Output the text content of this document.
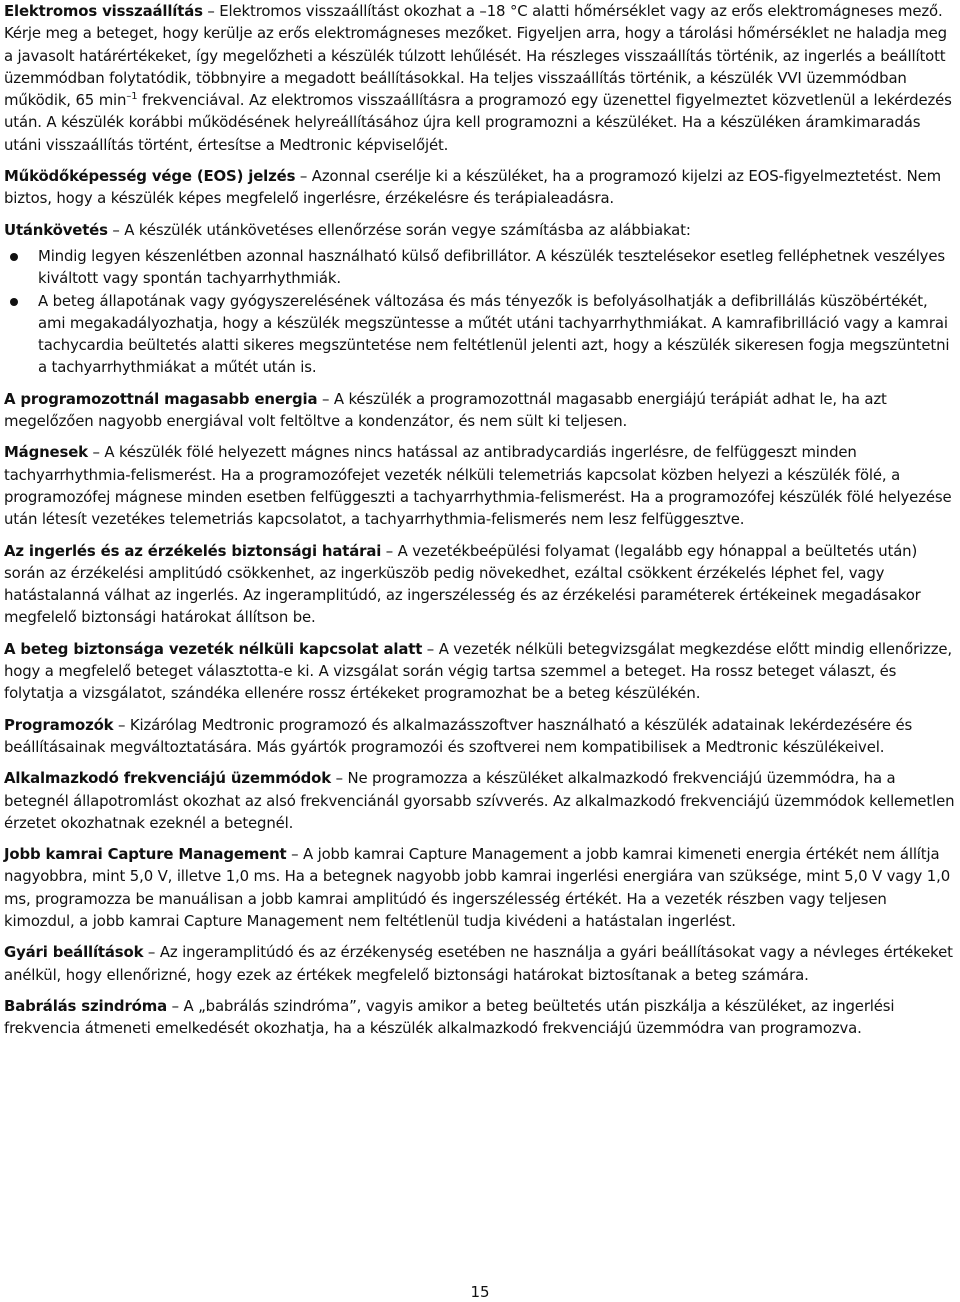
Elektromos visszaállítás – Elektromos visszaállítást okozhat a –18 °C alatti hőmérséklet vagy az erős elektromágneses mező. Kérje meg a beteget, hogy kerülje az erős elektromágneses mezőket. Figyeljen arra, hogy a tárolási hőmérséklet ne haladja meg a javasolt határértékeket, így megelőzheti a készülék túlzott lehűlését. Ha részleges visszaállítás történik, az ingerlés a beállított üzemmódban folytatódik, többnyire a megadott beállításokkal. Ha teljes visszaállítás történik, a készülék VVI üzemmódban működik, 65 $\min^{-1}$ frekvenciával. Az elektromos visszaállításra a programozó egy üzenettel figyelmeztet közvetlenül a lekérdezés után. A készülék korábbi működésének helyreállításához újra kell programozni a készüléket. Ha a készüléken áramkimaradás utáni visszaállítás történt, értesítse a Medtronic képviselőjét.

Működőképesség vége (EOS) jelzés – Azonnal cserélje ki a készüléket, ha a programozó kijelzi az EOS-figyelmeztetést. Nem biztos, hogy a készülék képes megfelelő ingerlésre, érzékelésre és terápialeadásra.

Utánkövetés – A készülék utánkövetéses ellenőrzése során vegye számításba az alábbiakat:

Mindig legyen készenlétben azonnal használható külső defibrillátor. A készülék tesztelésekor esetleg felléphetnek veszélyes kiváltott vagy spontán tachyarrhythmiák.
A beteg állapotának vagy gyógyszerelésének változása és más tényezők is befolyásolhatják a defibrillálás küszöbértékét, ami megakadályozhatja, hogy a készülék megszüntesse a műtét utáni tachyarrhythmiákat. A kamrafibrilláció vagy a kamrai tachycardia beültetés alatti sikeres megszüntetése nem feltétlenül jelenti azt, hogy a készülék sikeresen fogja megszüntetni a tachyarrhythmiákat a műtét után is.

A programozottnál magasabb energia – A készülék a programozottnál magasabb energiájú terápiát adhat le, ha azt megelőzően nagyobb energiával volt feltöltve a kondenzátor, és nem sült ki teljesen.

Mágnesek – A készülék fölé helyezett mágnes nincs hatással az antibradycardiás ingerlésre, de felfüggeszt minden tachyarrhythmia-felismerést. Ha a programozófejet vezeték nélküli telemetriás kapcsolat közben helyezi a készülék fölé, a programozófej mágnese minden esetben felfüggeszti a tachyarrhythmia-felismerést. Ha a programozófej készülék fölé helyezése után létesít vezetékes telemetriás kapcsolatot, a tachyarrhythmia-felismerés nem lesz felfüggesztve.

Az ingerlés és az érzékelés biztonsági határai – A vezetékbeépülési folyamat (legalább egy hónappal a beültetés után) során az érzékelési amplitúdó csökkenhet, az ingerküszöb pedig növekedhet, ezáltal csökkent érzékelés léphet fel, vagy hatástalanná válhat az ingerlés. Az ingeramplitúdó, az ingerszélesség és az érzékelési paraméterek értékeinek megadásakor megfelelő biztonsági határokat állítson be.

A beteg biztonsága vezeték nélküli kapcsolat alatt – A vezeték nélküli betegvizsgálat megkezdése előtt mindig ellenőrizze, hogy a megfelelő beteget választotta-e ki. A vizsgálat során végig tartsa szemmel a beteget. Ha rossz beteget választ, és folytatja a vizsgálatot, szándéka ellenére rossz értékeket programozhat be a beteg készülékén.

Programozók – Kizárólag Medtronic programozó és alkalmazásszoftver használható a készülék adatainak lekérdezésére és beállításainak megváltoztatására. Más gyártók programozói és szoftverei nem kompatibilisek a Medtronic készülékeivel.

Alkalmazkodó frekvenciájú üzemmódok – Ne programozza a készüléket alkalmazkodó frekvenciájú üzemmódra, ha a betegnél állapotromlást okozhat az alsó frekvenciánál gyorsabb szívverés. Az alkalmazkodó frekvenciájú üzemmódok kellemetlen érzetet okozhatnak ezeknél a betegnél.

Jobb kamrai Capture Management – A jobb kamrai Capture Management a jobb kamrai kimeneti energia értékét nem állítja nagyobbra, mint 5,0 V, illetve 1,0 ms. Ha a betegnek nagyobb jobb kamrai ingerlési energiára van szüksége, mint 5,0 V vagy 1,0 ms, programozza be manuálisan a jobb kamrai amplitúdó és ingerszélesség értékét. Ha a vezeték részben vagy teljesen kimozdul, a jobb kamrai Capture Management nem feltétlenül tudja kivédeni a hatástalan ingerlést.

Gyári beállítások – Az ingeramplitúdó és az érzékenység esetében ne használja a gyári beállításokat vagy a névleges értékeket anélkül, hogy ellenőrizné, hogy ezek az értékek megfelelő biztonsági határokat biztosítanak a beteg számára.

Babrálás szindróma – A „babrálás szindróma”, vagyis amikor a beteg beültetés után piszkálja a készüléket, az ingerlési frekvencia átmeneti emelkedését okozhatja, ha a készülék alkalmazkodó frekvenciájú üzemmódra van programozva.

15
